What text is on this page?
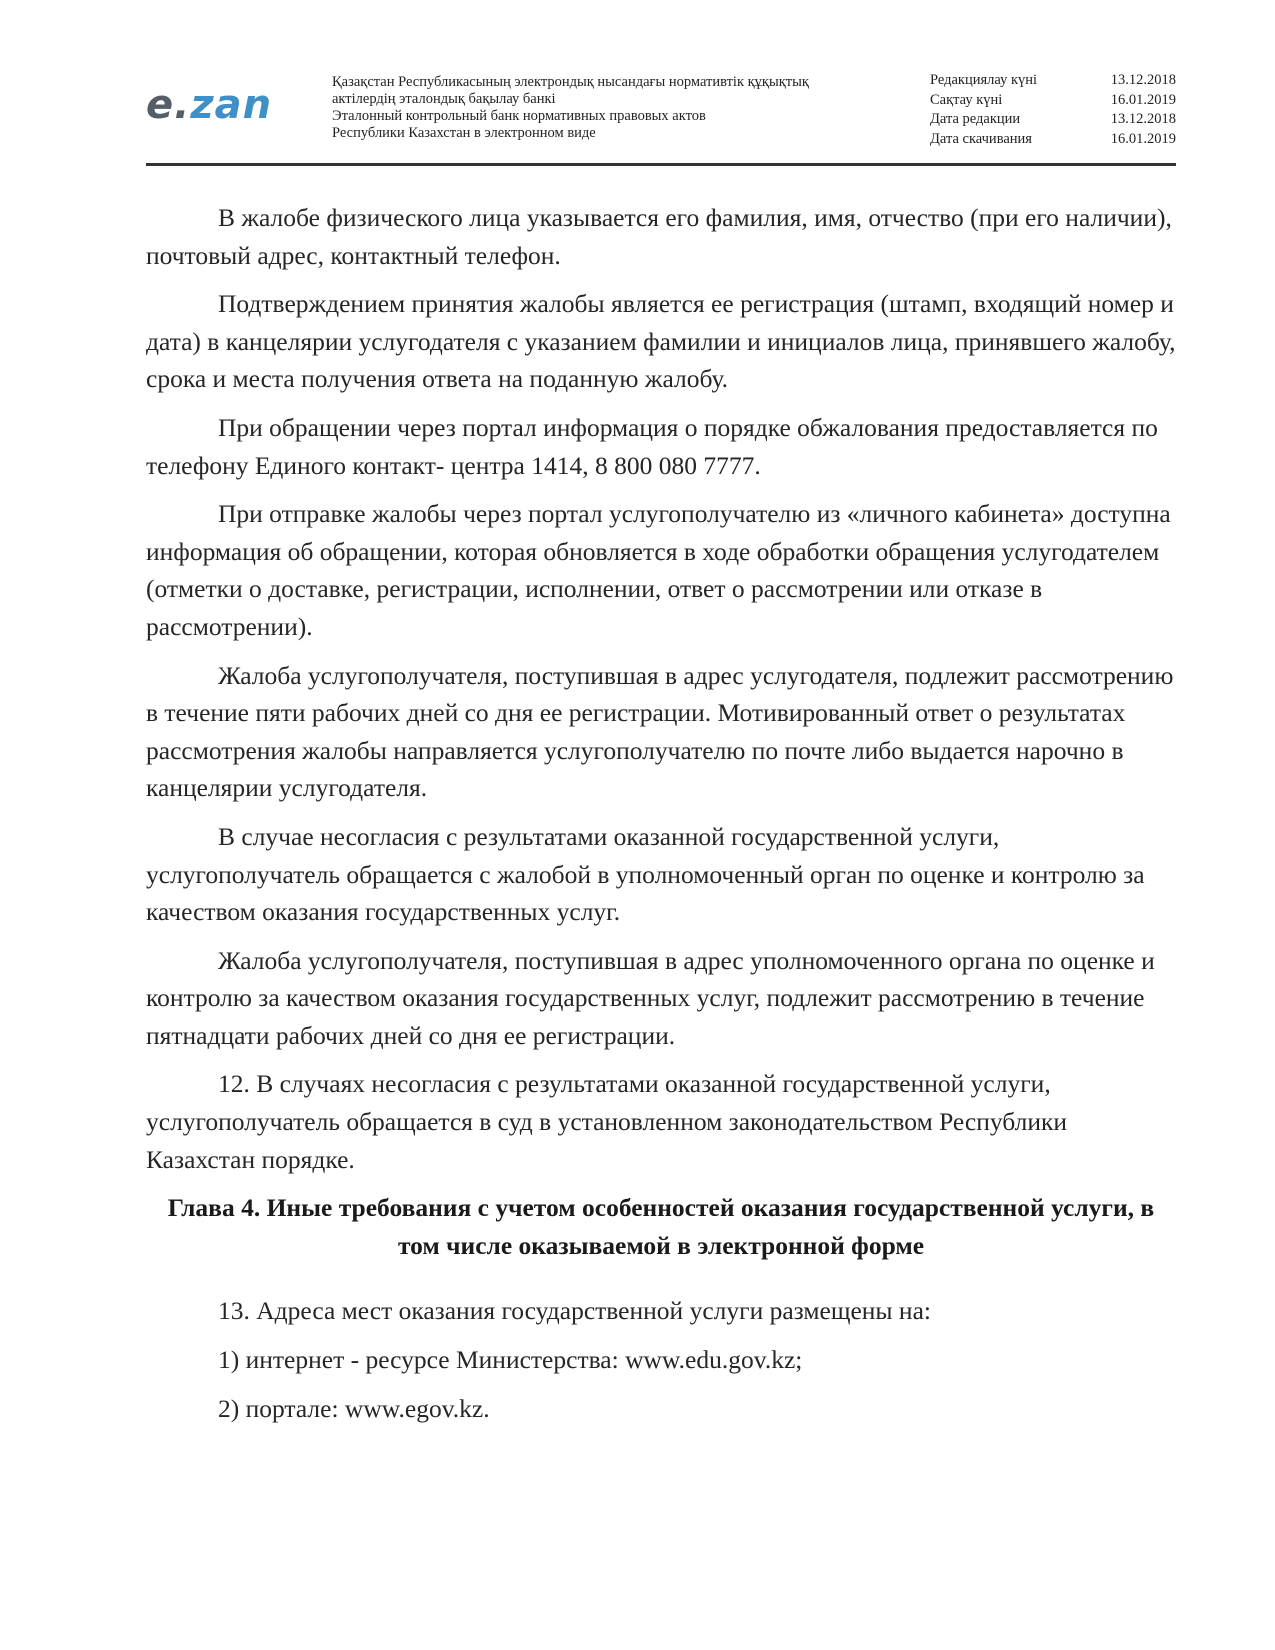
e.zan	Қазақстан Республикасының электрондық нысандағы нормативтік құқықтық
актілердің эталондық бақылау банкі
Эталонный контрольный банк нормативных правовых актов
Республики Казахстан в электронном виде
Редакциялау күні	13.12.2018
Сақтау күні	16.01.2019
Дата редакции	13.12.2018
Дата скачивания	16.01.2019

В жалобе физического лица указывается его фамилия, имя, отчество (при его наличии), почтовый адрес, контактный телефон.

Подтверждением принятия жалобы является ее регистрация (штамп, входящий номер и дата) в канцелярии услугодателя с указанием фамилии и инициалов лица, принявшего жалобу, срока и места получения ответа на поданную жалобу.

При обращении через портал информация о порядке обжалования предоставляется по телефону Единого контакт- центра 1414, 8 800 080 7777.

При отправке жалобы через портал услугополучателю из «личного кабинета» доступна информация об обращении, которая обновляется в ходе обработки обращения услугодателем (отметки о доставке, регистрации, исполнении, ответ о рассмотрении или отказе в рассмотрении).

Жалоба услугополучателя, поступившая в адрес услугодателя, подлежит рассмотрению в течение пяти рабочих дней со дня ее регистрации. Мотивированный ответ о результатах рассмотрения жалобы направляется услугополучателю по почте либо выдается нарочно в канцелярии услугодателя.

В случае несогласия с результатами оказанной государственной услуги, услугополучатель обращается с жалобой в уполномоченный орган по оценке и контролю за качеством оказания государственных услуг.

Жалоба услугополучателя, поступившая в адрес уполномоченного органа по оценке и контролю за качеством оказания государственных услуг, подлежит рассмотрению в течение пятнадцати рабочих дней со дня ее регистрации.

12. В случаях несогласия с результатами оказанной государственной услуги, услугополучатель обращается в суд в установленном законодательством Республики Казахстан порядке.

Глава 4. Иные требования с учетом особенностей оказания государственной услуги, в том числе оказываемой в электронной форме

13. Адреса мест оказания государственной услуги размещены на:

1) интернет - ресурсе Министерства: www.edu.gov.kz;

2) портале: www.egov.kz.
